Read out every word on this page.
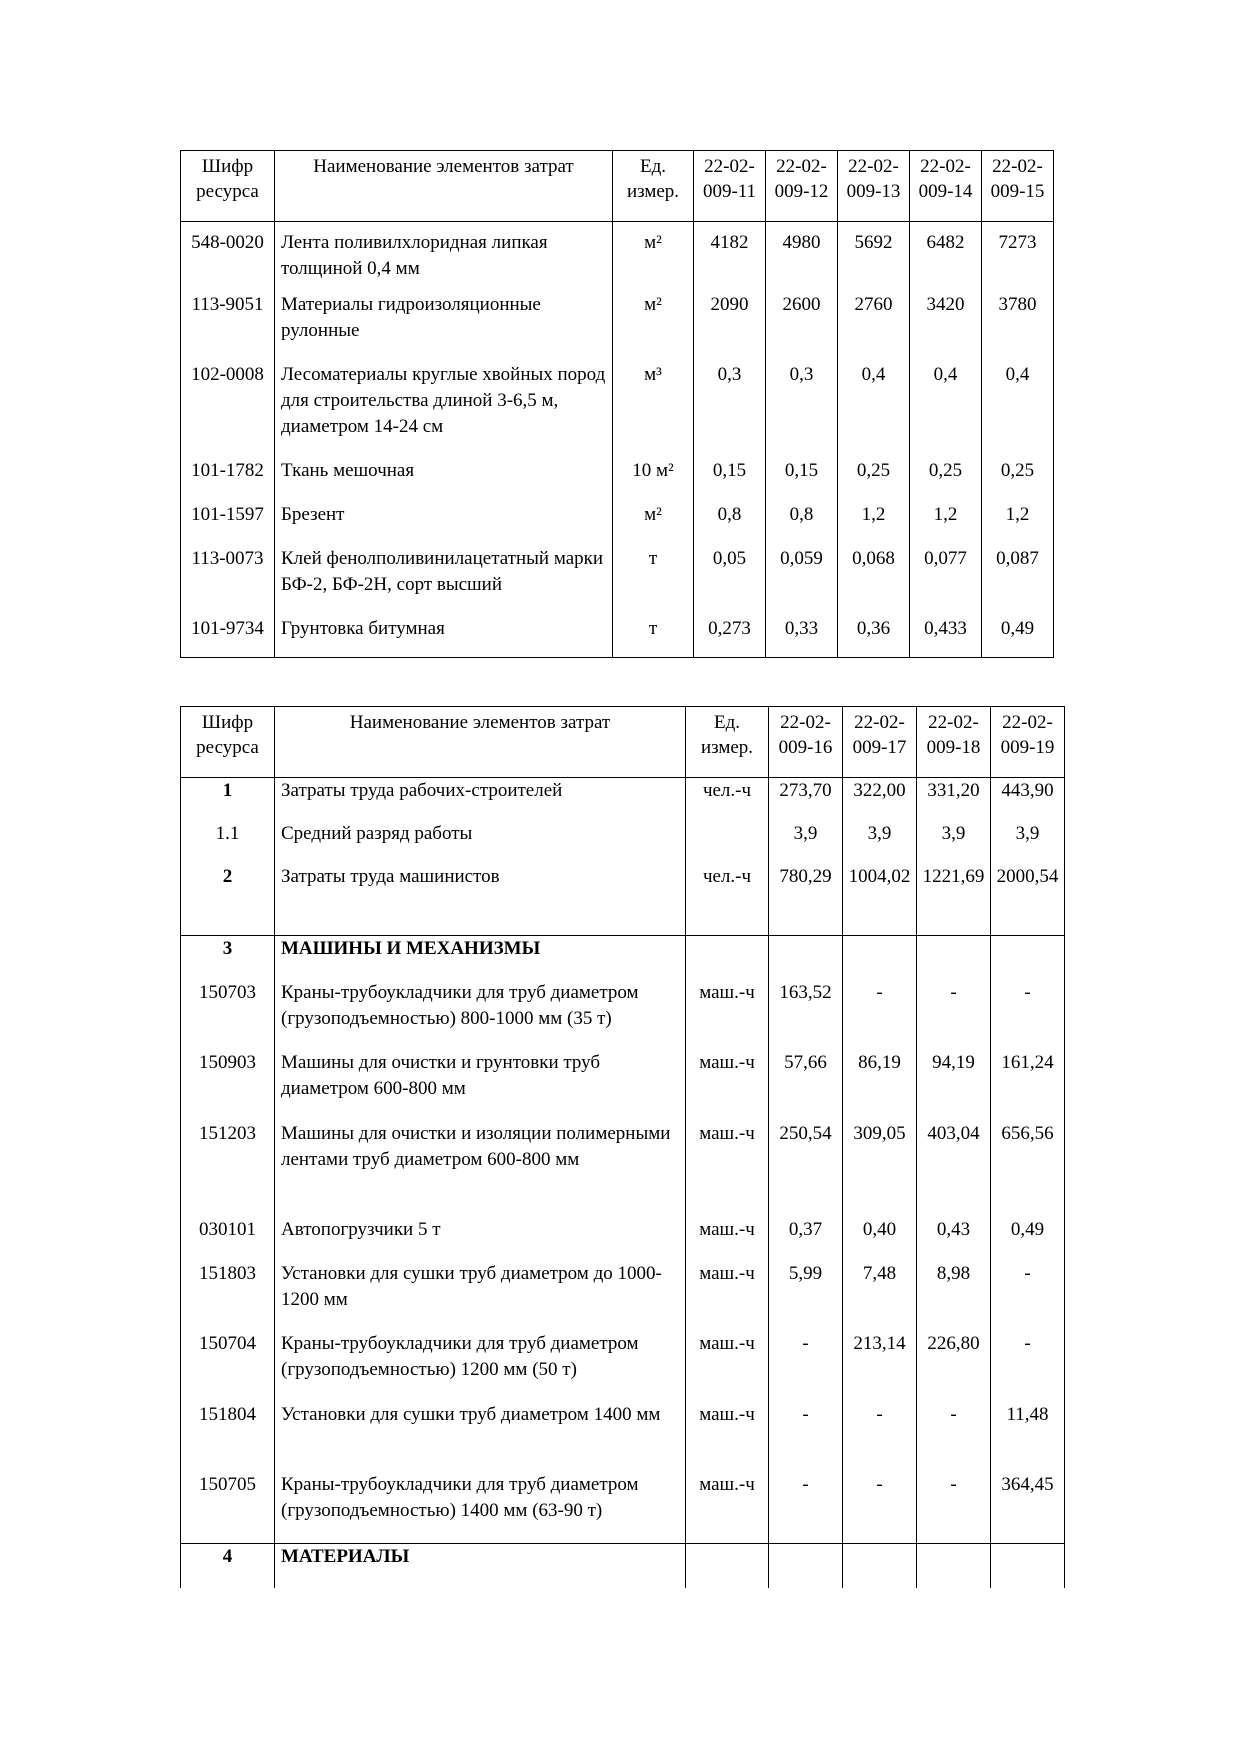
Шифр ресурса	Наименование элементов затрат	Ед. измер.	22-02-009-11	22-02-009-12	22-02-009-13	22-02-009-14	22-02-009-15
548-0020	Лента поливилхлоридная липкая толщиной 0,4 мм	м²	4182	4980	5692	6482	7273
113-9051	Материалы гидроизоляционные рулонные	м²	2090	2600	2760	3420	3780
102-0008	Лесоматериалы круглые хвойных пород для строительства длиной 3-6,5 м, диаметром 14-24 см	м³	0,3	0,3	0,4	0,4	0,4
101-1782	Ткань мешочная	10 м²	0,15	0,15	0,25	0,25	0,25
101-1597	Брезент	м²	0,8	0,8	1,2	1,2	1,2
113-0073	Клей фенолполивинилацетатный марки БФ-2, БФ-2Н, сорт высший	т	0,05	0,059	0,068	0,077	0,087
101-9734	Грунтовка битумная	т	0,273	0,33	0,36	0,433	0,49
Шифр ресурса	Наименование элементов затрат	Ед. измер.	22-02-009-16	22-02-009-17	22-02-009-18	22-02-009-19
1	Затраты труда рабочих-строителей	чел.-ч	273,70	322,00	331,20	443,90
1.1	Средний разряд работы		3,9	3,9	3,9	3,9
2	Затраты труда машинистов	чел.-ч	780,29	1004,02	1221,69	2000,54
3	МАШИНЫ И МЕХАНИЗМЫ					
150703	Краны-трубоукладчики для труб диаметром (грузоподъемностью) 800-1000 мм (35 т)	маш.-ч	163,52	-	-	-
150903	Машины для очистки и грунтовки труб диаметром 600-800 мм	маш.-ч	57,66	86,19	94,19	161,24
151203	Машины для очистки и изоляции полимерными лентами труб диаметром 600-800 мм	маш.-ч	250,54	309,05	403,04	656,56
030101	Автопогрузчики 5 т	маш.-ч	0,37	0,40	0,43	0,49
151803	Установки для сушки труб диаметром до 1000-1200 мм	маш.-ч	5,99	7,48	8,98	-
150704	Краны-трубоукладчики для труб диаметром (грузоподъемностью) 1200 мм (50 т)	маш.-ч	-	213,14	226,80	-
151804	Установки для сушки труб диаметром 1400 мм	маш.-ч	-	-	-	11,48
150705	Краны-трубоукладчики для труб диаметром (грузоподъемностью) 1400 мм (63-90 т)	маш.-ч	-	-	-	364,45
4	МАТЕРИАЛЫ					
